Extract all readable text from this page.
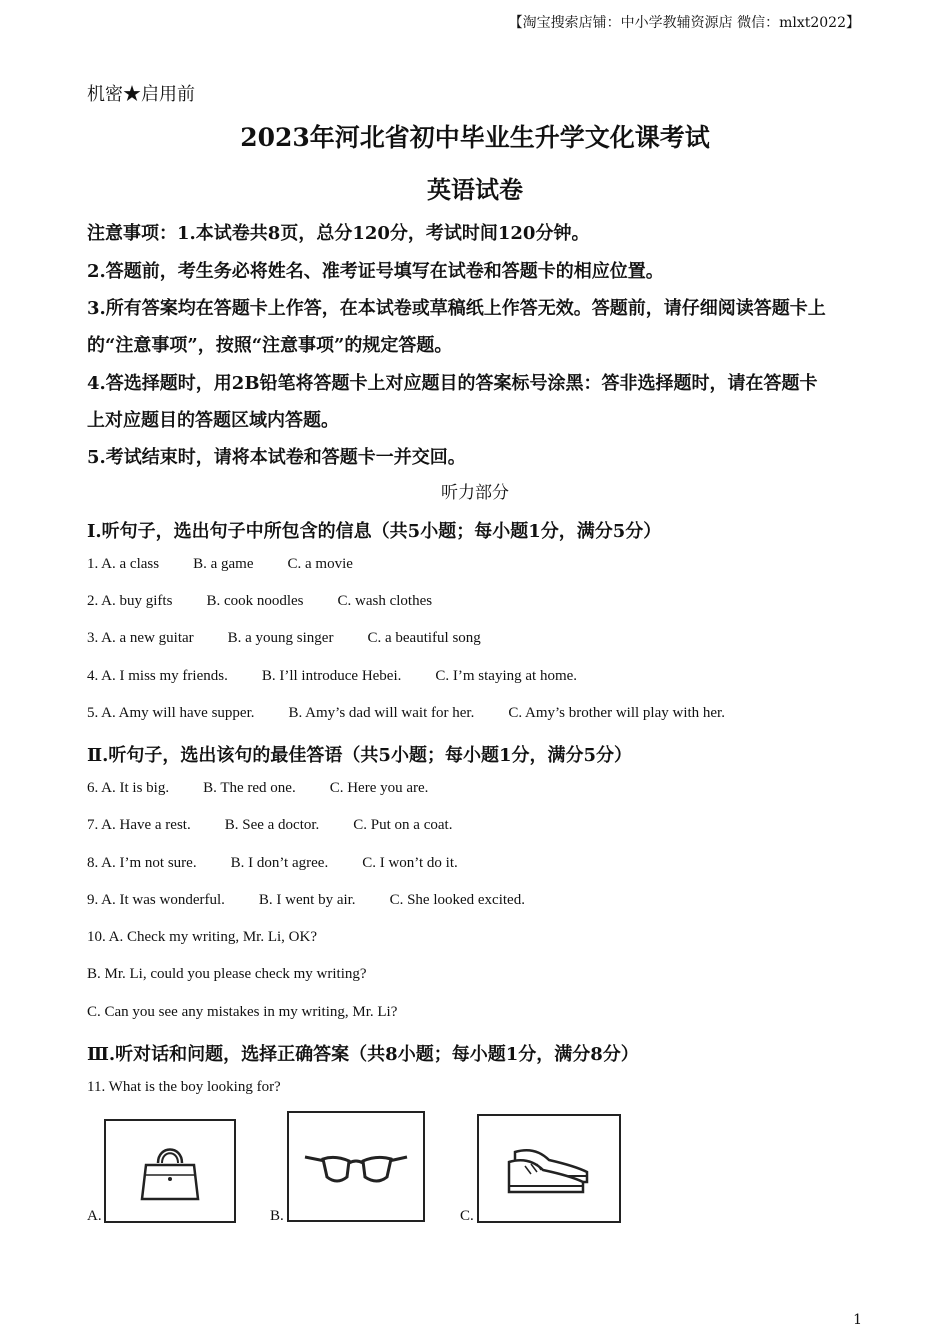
【淘宝搜索店铺：中小学教辅资源店 微信：mlxt2022】
机密★启用前
2023年河北省初中毕业生升学文化课考试
英语试卷
注意事项：1.本试卷共8页，总分120分，考试时间120分钟。
2.答题前，考生务必将姓名、准考证号填写在试卷和答题卡的相应位置。
3.所有答案均在答题卡上作答，在本试卷或草稿纸上作答无效。答题前，请仔细阅读答题卡上
的“注意事项”，按照“注意事项”的规定答题。
4.答选择题时，用2B铅笔将答题卡上对应题目的答案标号涂黑：答非选择题时，请在答题卡
上对应题目的答题区域内答题。
5.考试结束时，请将本试卷和答题卡一并交回。
听力部分
Ⅰ.听句子，选出句子中所包含的信息（共5小题；每小题1分，满分5分）
1. A. a class B. a game C. a movie
2. A. buy gifts B. cook noodles C. wash clothes
3. A. a new guitar B. a young singer C. a beautiful song
4. A. I miss my friends. B. I’ll introduce Hebei. C. I’m staying at home.
5. A. Amy will have supper. B. Amy’s dad will wait for her. C. Amy’s brother will play with her.
Ⅱ.听句子，选出该句的最佳答语（共5小题；每小题1分，满分5分）
6. A. It is big. B. The red one. C. Here you are.
7. A. Have a rest. B. See a doctor. C. Put on a coat.
8. A. I’m not sure. B. I don’t agree. C. I won’t do it.
9. A. It was wonderful. B. I went by air. C. She looked excited.
10. A. Check my writing, Mr. Li, OK?
B. Mr. Li, could you please check my writing?
C. Can you see any mistakes in my writing, Mr. Li?
Ⅲ.听对话和问题，选择正确答案（共8小题；每小题1分，满分8分）
11. What is the boy looking for?
A.	B.	C.
1
